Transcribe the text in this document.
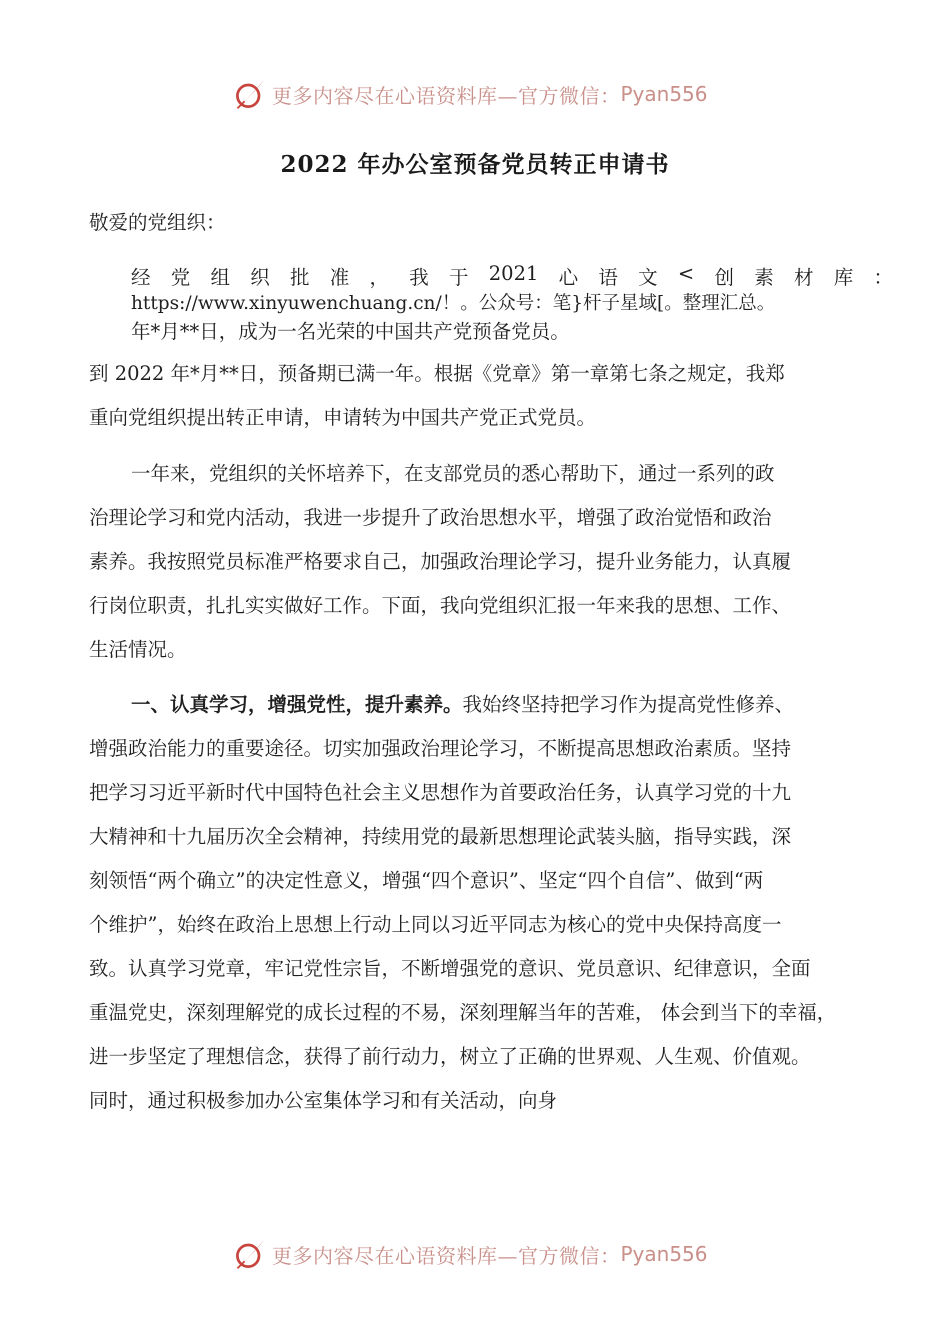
更多内容尽在心语资料库—官方微信： Pyan556
2022 年办公室预备党员转正申请书
敬爱的党组织：
经 党 组 织 批 准 ， 我 于 2021 心 语 文 < 创 素 材 库 ：
https://www.xinyuwenchuang.cn/！。公众号：笔}杆子星域[。整理汇总。
年*月**日，成为一名光荣的中国共产党预备党员。
到 2022 年*月**日，预备期已满一年。根据《党章》第一章第七条之规定，我郑
重向党组织提出转正申请，申请转为中国共产党正式党员。
一年来，党组织的关怀培养下，在支部党员的悉心帮助下，通过一系列的政
治理论学习和党内活动，我进一步提升了政治思想水平，增强了政治觉悟和政治
素养。我按照党员标准严格要求自己，加强政治理论学习，提升业务能力，认真履
行岗位职责，扎扎实实做好工作。下面，我向党组织汇报一年来我的思想、工作、
生活情况。
一、认真学习，增强党性，提升素养。我始终坚持把学习作为提高党性修养、
增强政治能力的重要途径。切实加强政治理论学习，不断提高思想政治素质。坚持
把学习习近平新时代中国特色社会主义思想作为首要政治任务，认真学习党的十九
大精神和十九届历次全会精神，持续用党的最新思想理论武装头脑，指导实践，深
刻领悟“两个确立”的决定性意义，增强“四个意识”、坚定“四个自信”、做到“两
个维护”，始终在政治上思想上行动上同以习近平同志为核心的党中央保持高度一
致。认真学习党章，牢记党性宗旨，不断增强党的意识、党员意识、纪律意识，全面
重温党史，深刻理解党的成长过程的不易，深刻理解当年的苦难， 体会到当下的幸福，
进一步坚定了理想信念，获得了前行动力，树立了正确的世界观、人生观、价值观。
同时，通过积极参加办公室集体学习和有关活动，向身
更多内容尽在心语资料库—官方微信： Pyan556
